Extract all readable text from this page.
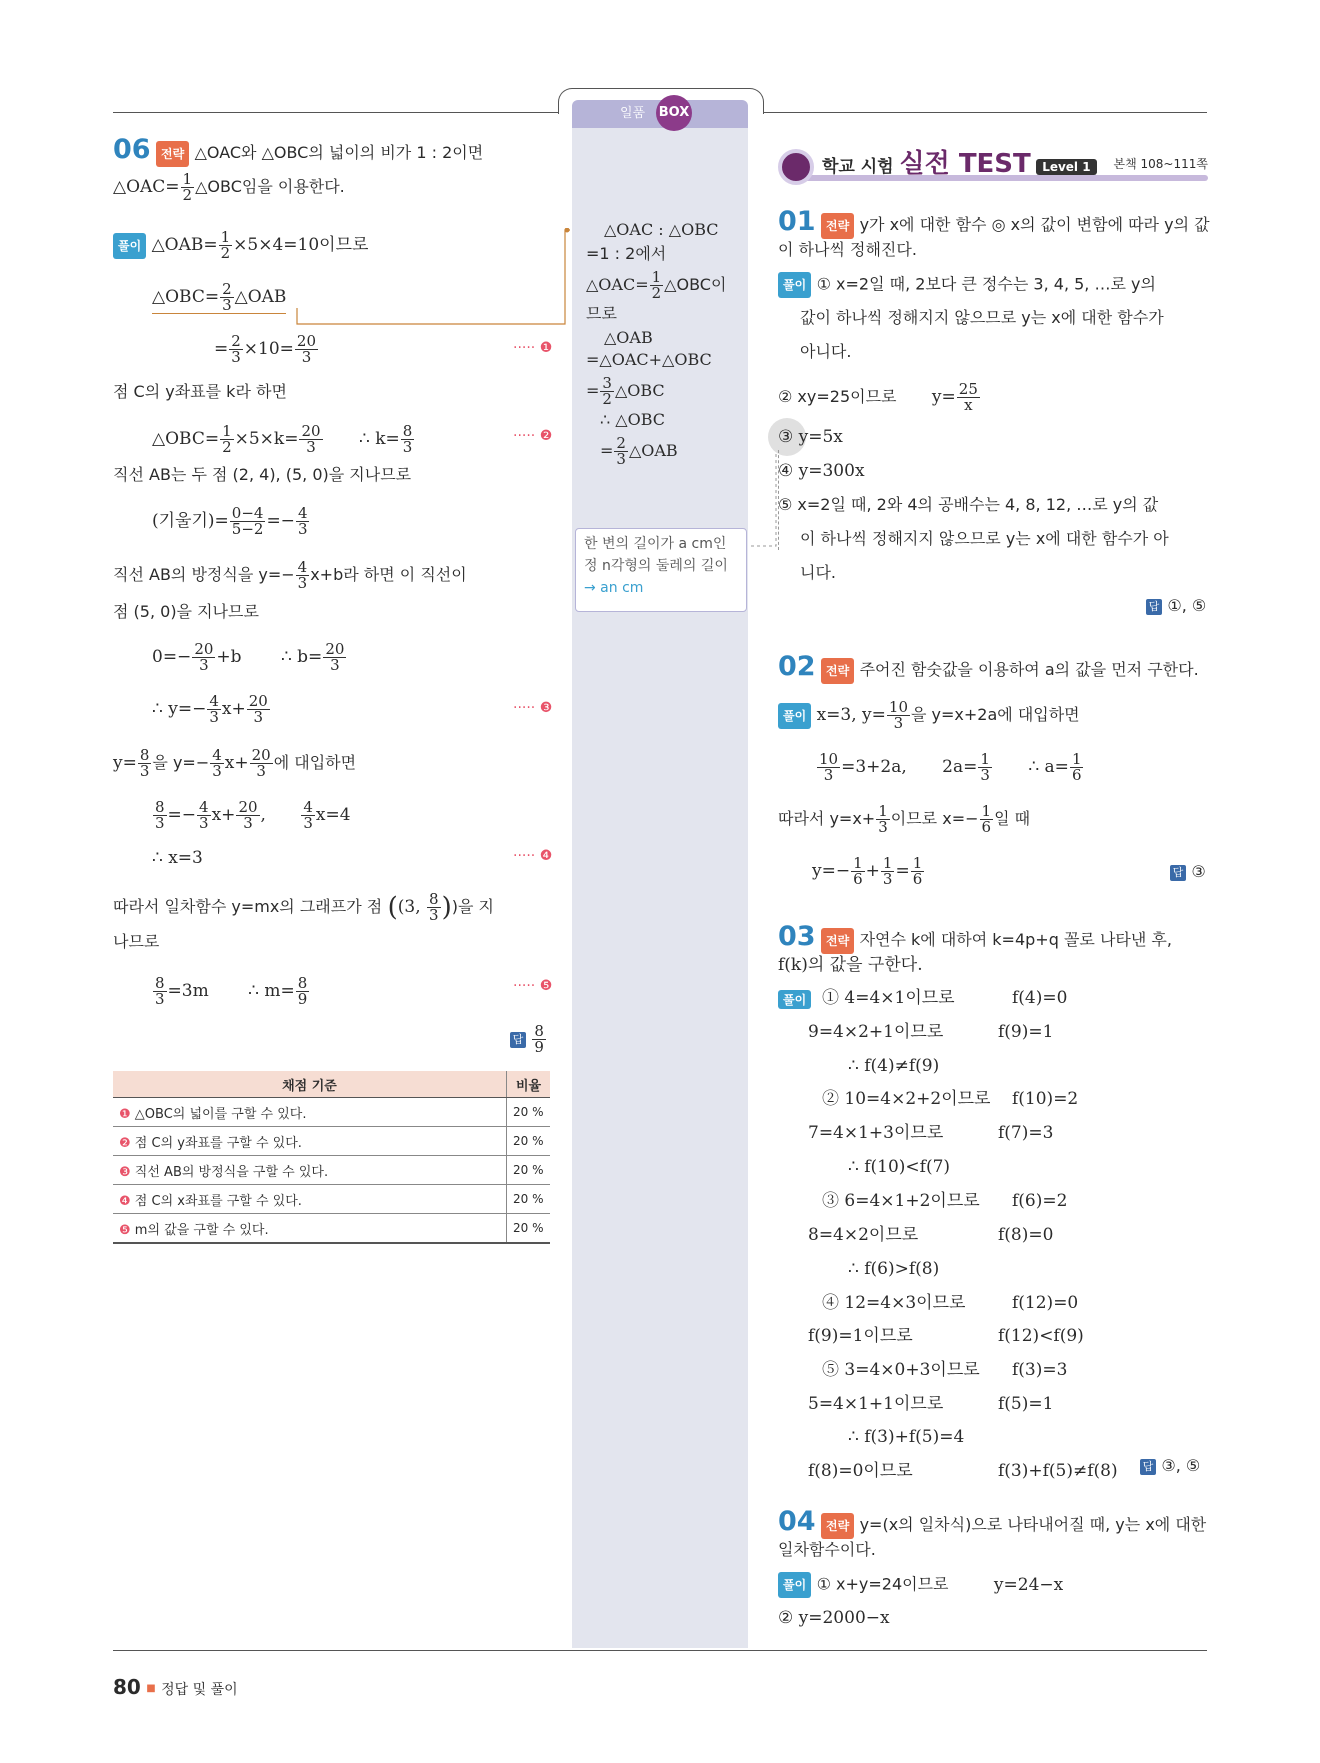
일품 BOX
06 전략 △OAC와 △OBC의 넓이의 비가 1 : 2이면
△OAC= $\frac{1}{2}$ △OBC임을 이용한다.
풀이 △OAB= $\frac{1}{2} \times 5\times 4=10$이므로
△OBC= $\frac{2}{3}$ △OAB
= $\frac{2}{3} \times 10= \frac{20}{3}$	····· ❶
점 C의 y좌표를 k라 하면
△OBC= $\frac{1}{2} \times 5\times k= \frac{20}{3}$ ∴ $k= \frac{8}{3}$	····· ❷
직선 AB는 두 점 (2, 4), (5, 0)을 지나므로
(기울기)= $\frac{0-4}{5-2} =- \frac{4}{3}$
직선 AB의 방정식을 $y=- \frac{4}{3} x+b$라 하면 이 직선이
점 (5, 0)을 지나므로
$0=- \frac{20}{3} +b$ ∴ $b= \frac{20}{3}$
∴ $y=- \frac{4}{3} x+ \frac{20}{3}$	····· ❸
$y= \frac{8}{3}$ 을 $y=- \frac{4}{3} x+ \frac{20}{3}$ 에 대입하면
$\frac{8}{3} =- \frac{4}{3} x+ \frac{20}{3}$ , $\frac{4}{3} x=4$
∴ x=3	····· ❹
따라서 일차함수 y=mx의 그래프가 점 ((3, $\frac{8}{3}$ ))을 지
나므로
$\frac{8}{3} =3m$ ∴ $m= \frac{8}{9}$	····· ❺
답 $\frac{8}{9}$
채점 기준	비율
❶ △OBC의 넓이를 구할 수 있다.	20 %
❷ 점 C의 y좌표를 구할 수 있다.	20 %
❸ 직선 AB의 방정식을 구할 수 있다.	20 %
❹ 점 C의 x좌표를 구할 수 있다.	20 %
❺ m의 값을 구할 수 있다.	20 %
△OAC : △OBC
=1 : 2에서
△OAC= $\frac{1}{2}$ △OBC이
므로
△OAB
=△OAC+△OBC
= $\frac{3}{2}$ △OBC
∴ △OBC
= $\frac{2}{3}$ △OAB
한 변의 길이가 a cm인
정 n각형의 둘레의 길이
→ an cm
학교 시험 실전 TEST Level 1	본책 108~111쪽
01 전략 y가 x에 대한 함수 ◎ x의 값이 변함에 따라 y의 값
이 하나씩 정해진다.
풀이 ① x=2일 때, 2보다 큰 정수는 3, 4, 5, …로 y의
값이 하나씩 정해지지 않으므로 y는 x에 대한 함수가
아니다.
② xy=25이므로 $y= \frac{25}{x}$
③ y=5x
④ y=300x
⑤ x=2일 때, 2와 4의 공배수는 4, 8, 12, …로 y의 값
이 하나씩 정해지지 않으므로 y는 x에 대한 함수가 아
니다.
답 ①, ⑤
02 전략 주어진 함숫값을 이용하여 a의 값을 먼저 구한다.
풀이 x=3, $y= \frac{10}{3}$ 을 y=x+2a에 대입하면
$\frac{10}{3} =3+2a$, $2a= \frac{1}{3}$ ∴ $a= \frac{1}{6}$
따라서 $y=x+ \frac{1}{3}$ 이므로 $x=- \frac{1}{6}$ 일 때
$y=- \frac{1}{6} + \frac{1}{3} = \frac{1}{6}$	답 ③
03 전략 자연수 k에 대하여 k=4p+q 꼴로 나타낸 후,
f(k)의 값을 구한다.
① 4=4×1이므로	f(4)=0
9=4×2+1이므로	f(9)=1
∴ f(4)≠f(9)
② 10=4×2+2이므로 f(10)=2
7=4×1+3이므로	f(7)=3
∴ f(10)<f(7)
③ 6=4×1+2이므로 f(6)=2
8=4×2이므로	f(8)=0
∴ f(6)>f(8)
④ 12=4×3이므로	f(12)=0
f(9)=1이므로	f(12)<f(9)
⑤ 3=4×0+3이므로 f(3)=3
5=4×1+1이므로	f(5)=1
∴ f(3)+f(5)=4
f(8)=0이므로	f(3)+f(5)≠f(8)
풀이
답 ③, ⑤
04 전략 y=(x의 일차식)으로 나타내어질 때, y는 x에 대한
일차함수이다.
풀이 ① x+y=24이므로	y=24−x
② y=2000−x
80 ■ 정답 및 풀이
